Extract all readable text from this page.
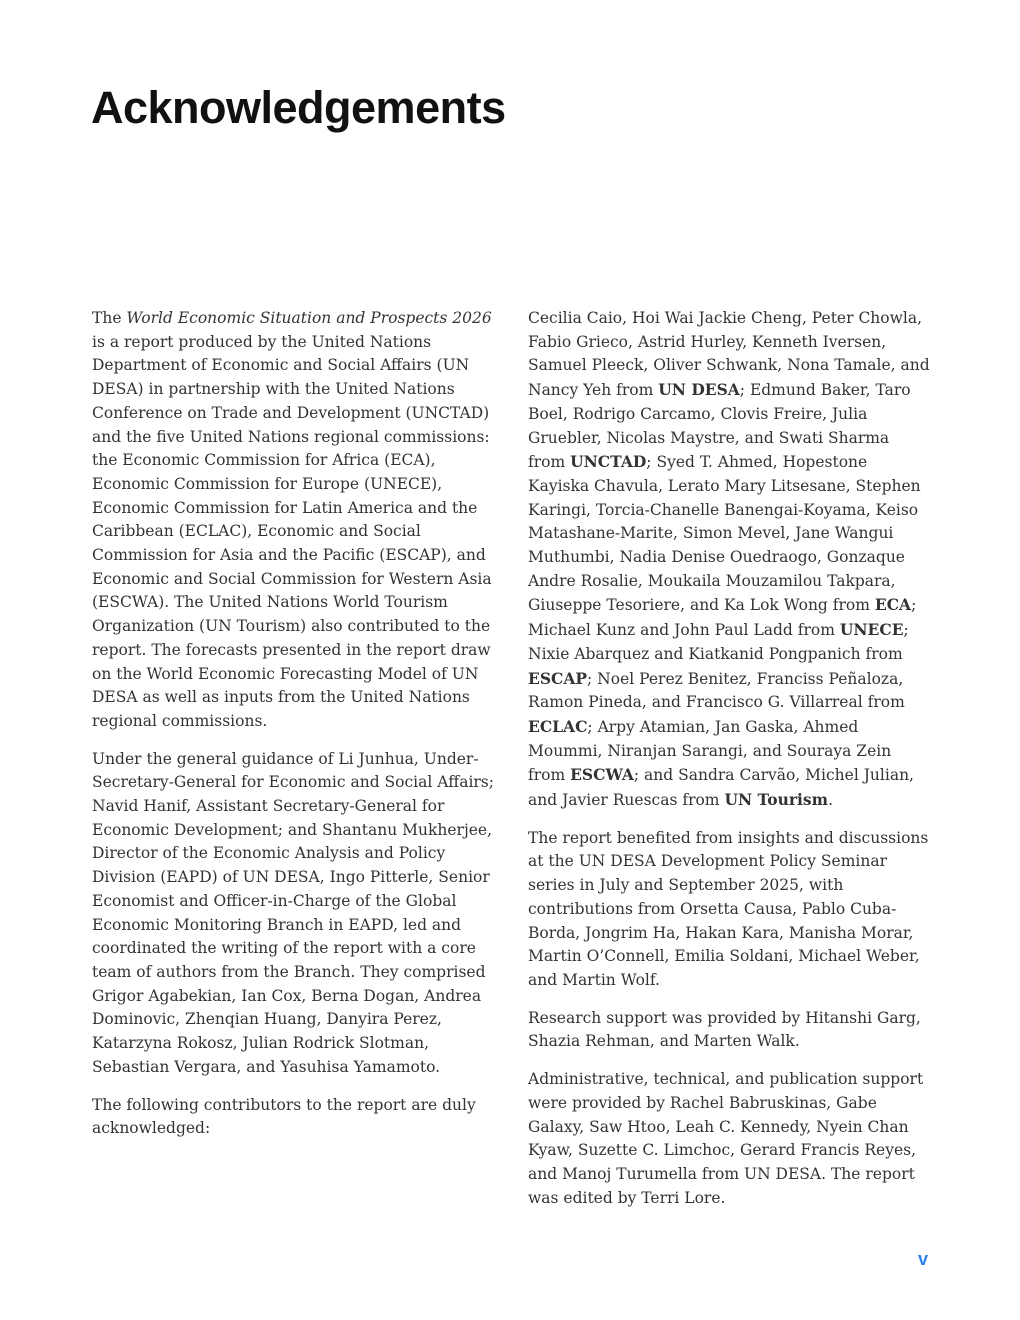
Acknowledgements

The World Economic Situation and Prospects 2026 is a report produced by the United Nations Department of Economic and Social Affairs (UN DESA) in partnership with the United Nations Conference on Trade and Development (UNCTAD) and the five United Nations regional commissions: the Economic Commission for Africa (ECA), Economic Commission for Europe (UNECE), Economic Commission for Latin America and the Caribbean (ECLAC), Economic and Social Commission for Asia and the Pacific (ESCAP), and Economic and Social Commission for Western Asia (ESCWA). The United Nations World Tourism Organization (UN Tourism) also contributed to the report. The forecasts presented in the report draw on the World Economic Forecasting Model of UN DESA as well as inputs from the United Nations regional commissions.

Under the general guidance of Li Junhua, Under-Secretary-General for Economic and Social Affairs; Navid Hanif, Assistant Secretary-General for Economic Development; and Shantanu Mukherjee, Director of the Economic Analysis and Policy Division (EAPD) of UN DESA, Ingo Pitterle, Senior Economist and Officer-in-Charge of the Global Economic Monitoring Branch in EAPD, led and coordinated the writing of the report with a core team of authors from the Branch. They comprised Grigor Agabekian, Ian Cox, Berna Dogan, Andrea Dominovic, Zhenqian Huang, Danyira Perez, Katarzyna Rokosz, Julian Rodrick Slotman, Sebastian Vergara, and Yasuhisa Yamamoto.

The following contributors to the report are duly acknowledged:

Cecilia Caio, Hoi Wai Jackie Cheng, Peter Chowla, Fabio Grieco, Astrid Hurley, Kenneth Iversen, Samuel Pleeck, Oliver Schwank, Nona Tamale, and Nancy Yeh from UN DESA; Edmund Baker, Taro Boel, Rodrigo Carcamo, Clovis Freire, Julia Gruebler, Nicolas Maystre, and Swati Sharma from UNCTAD; Syed T. Ahmed, Hopestone Kayiska Chavula, Lerato Mary Litsesane, Stephen Karingi, Torcia-Chanelle Banengai-Koyama, Keiso Matashane-Marite, Simon Mevel, Jane Wangui Muthumbi, Nadia Denise Ouedraogo, Gonzaque Andre Rosalie, Moukaila Mouzamilou Takpara, Giuseppe Tesoriere, and Ka Lok Wong from ECA; Michael Kunz and John Paul Ladd from UNECE; Nixie Abarquez and Kiatkanid Pongpanich from ESCAP; Noel Perez Benitez, Franciss Peñaloza, Ramon Pineda, and Francisco G. Villarreal from ECLAC; Arpy Atamian, Jan Gaska, Ahmed Moummi, Niranjan Sarangi, and Souraya Zein from ESCWA; and Sandra Carvão, Michel Julian, and Javier Ruescas from UN Tourism.

The report benefited from insights and discussions at the UN DESA Development Policy Seminar series in July and September 2025, with contributions from Orsetta Causa, Pablo Cuba-Borda, Jongrim Ha, Hakan Kara, Manisha Morar, Martin O’Connell, Emilia Soldani, Michael Weber, and Martin Wolf.

Research support was provided by Hitanshi Garg, Shazia Rehman, and Marten Walk.

Administrative, technical, and publication support were provided by Rachel Babruskinas, Gabe Galaxy, Saw Htoo, Leah C. Kennedy, Nyein Chan Kyaw, Suzette C. Limchoc, Gerard Francis Reyes, and Manoj Turumella from UN DESA. The report was edited by Terri Lore.

v
